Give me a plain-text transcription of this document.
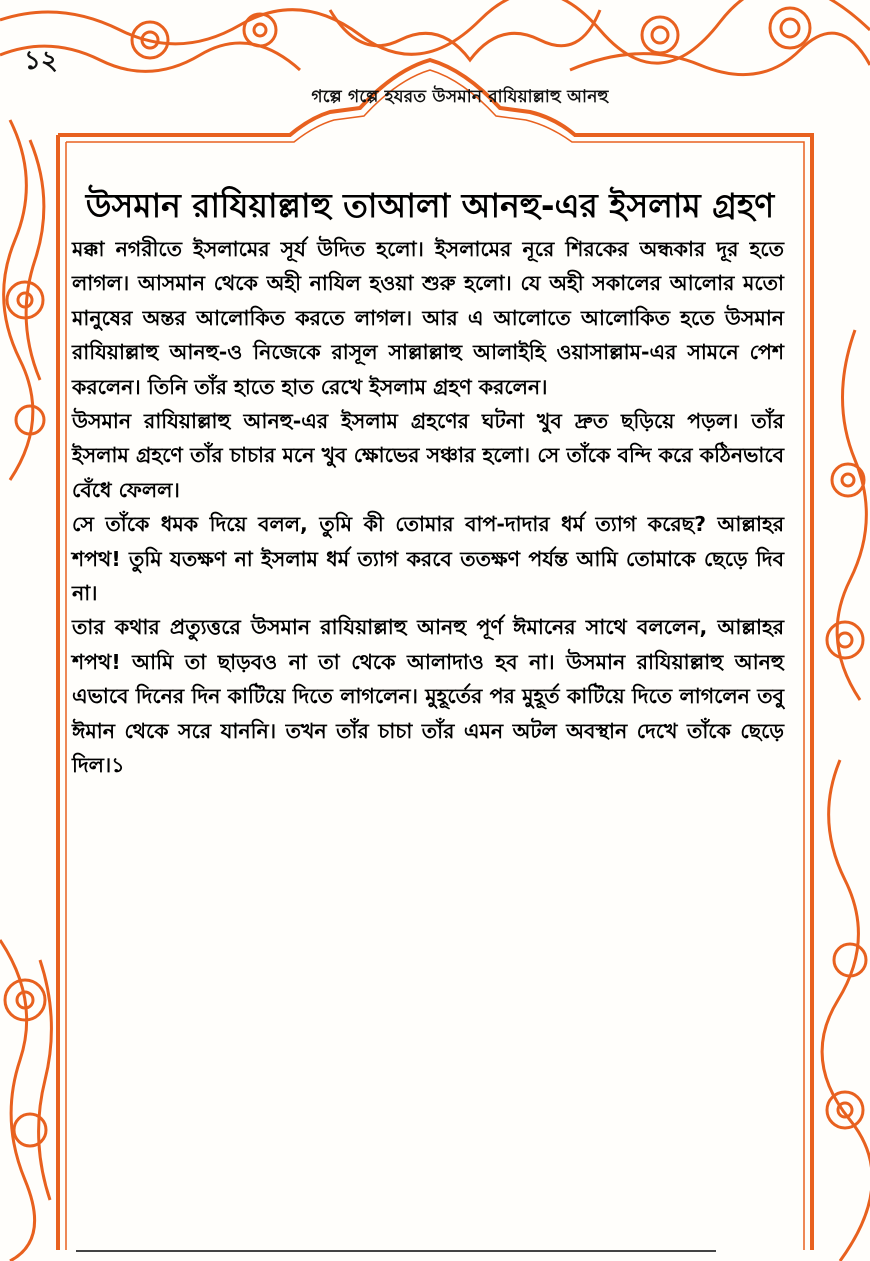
১২
গল্পে গল্পে হযরত উসমান রাযিয়াল্লাহু আনহু
উসমান রাযিয়াল্লাহু তাআলা আনহু-এর ইসলাম গ্রহণ

মক্কা নগরীতে ইসলামের সূর্য উদিত হলো। ইসলামের নূরে শিরকের অন্ধকার দূর হতে লাগল। আসমান থেকে অহী নাযিল হওয়া শুরু হলো। যে অহী সকালের আলোর মতো মানুষের অন্তর আলোকিত করতে লাগল। আর এ আলোতে আলোকিত হতে উসমান রাযিয়াল্লাহু আনহু-ও নিজেকে রাসূল সাল্লাল্লাহু আলাইহি ওয়াসাল্লাম-এর সামনে পেশ করলেন। তিনি তাঁর হাতে হাত রেখে ইসলাম গ্রহণ করলেন।

উসমান রাযিয়াল্লাহু আনহু-এর ইসলাম গ্রহণের ঘটনা খুব দ্রুত ছড়িয়ে পড়ল। তাঁর ইসলাম গ্রহণে তাঁর চাচার মনে খুব ক্ষোভের সঞ্চার হলো। সে তাঁকে বন্দি করে কঠিনভাবে বেঁধে ফেলল।

সে তাঁকে ধমক দিয়ে বলল, তুমি কী তোমার বাপ-দাদার ধর্ম ত্যাগ করেছ? আল্লাহর শপথ! তুমি যতক্ষণ না ইসলাম ধর্ম ত্যাগ করবে ততক্ষণ পর্যন্ত আমি তোমাকে ছেড়ে দিব না।

তার কথার প্রত্যুত্তরে উসমান রাযিয়াল্লাহু আনহু পূর্ণ ঈমানের সাথে বললেন, আল্লাহর শপথ! আমি তা ছাড়বও না তা থেকে আলাদাও হব না। উসমান রাযিয়াল্লাহু আনহু এভাবে দিনের দিন কাটিয়ে দিতে লাগলেন। মুহূর্তের পর মুহূর্ত কাটিয়ে দিতে লাগলেন তবু ঈমান থেকে সরে যাননি। তখন তাঁর চাচা তাঁর এমন অটল অবস্থান দেখে তাঁকে ছেড়ে দিল।১
